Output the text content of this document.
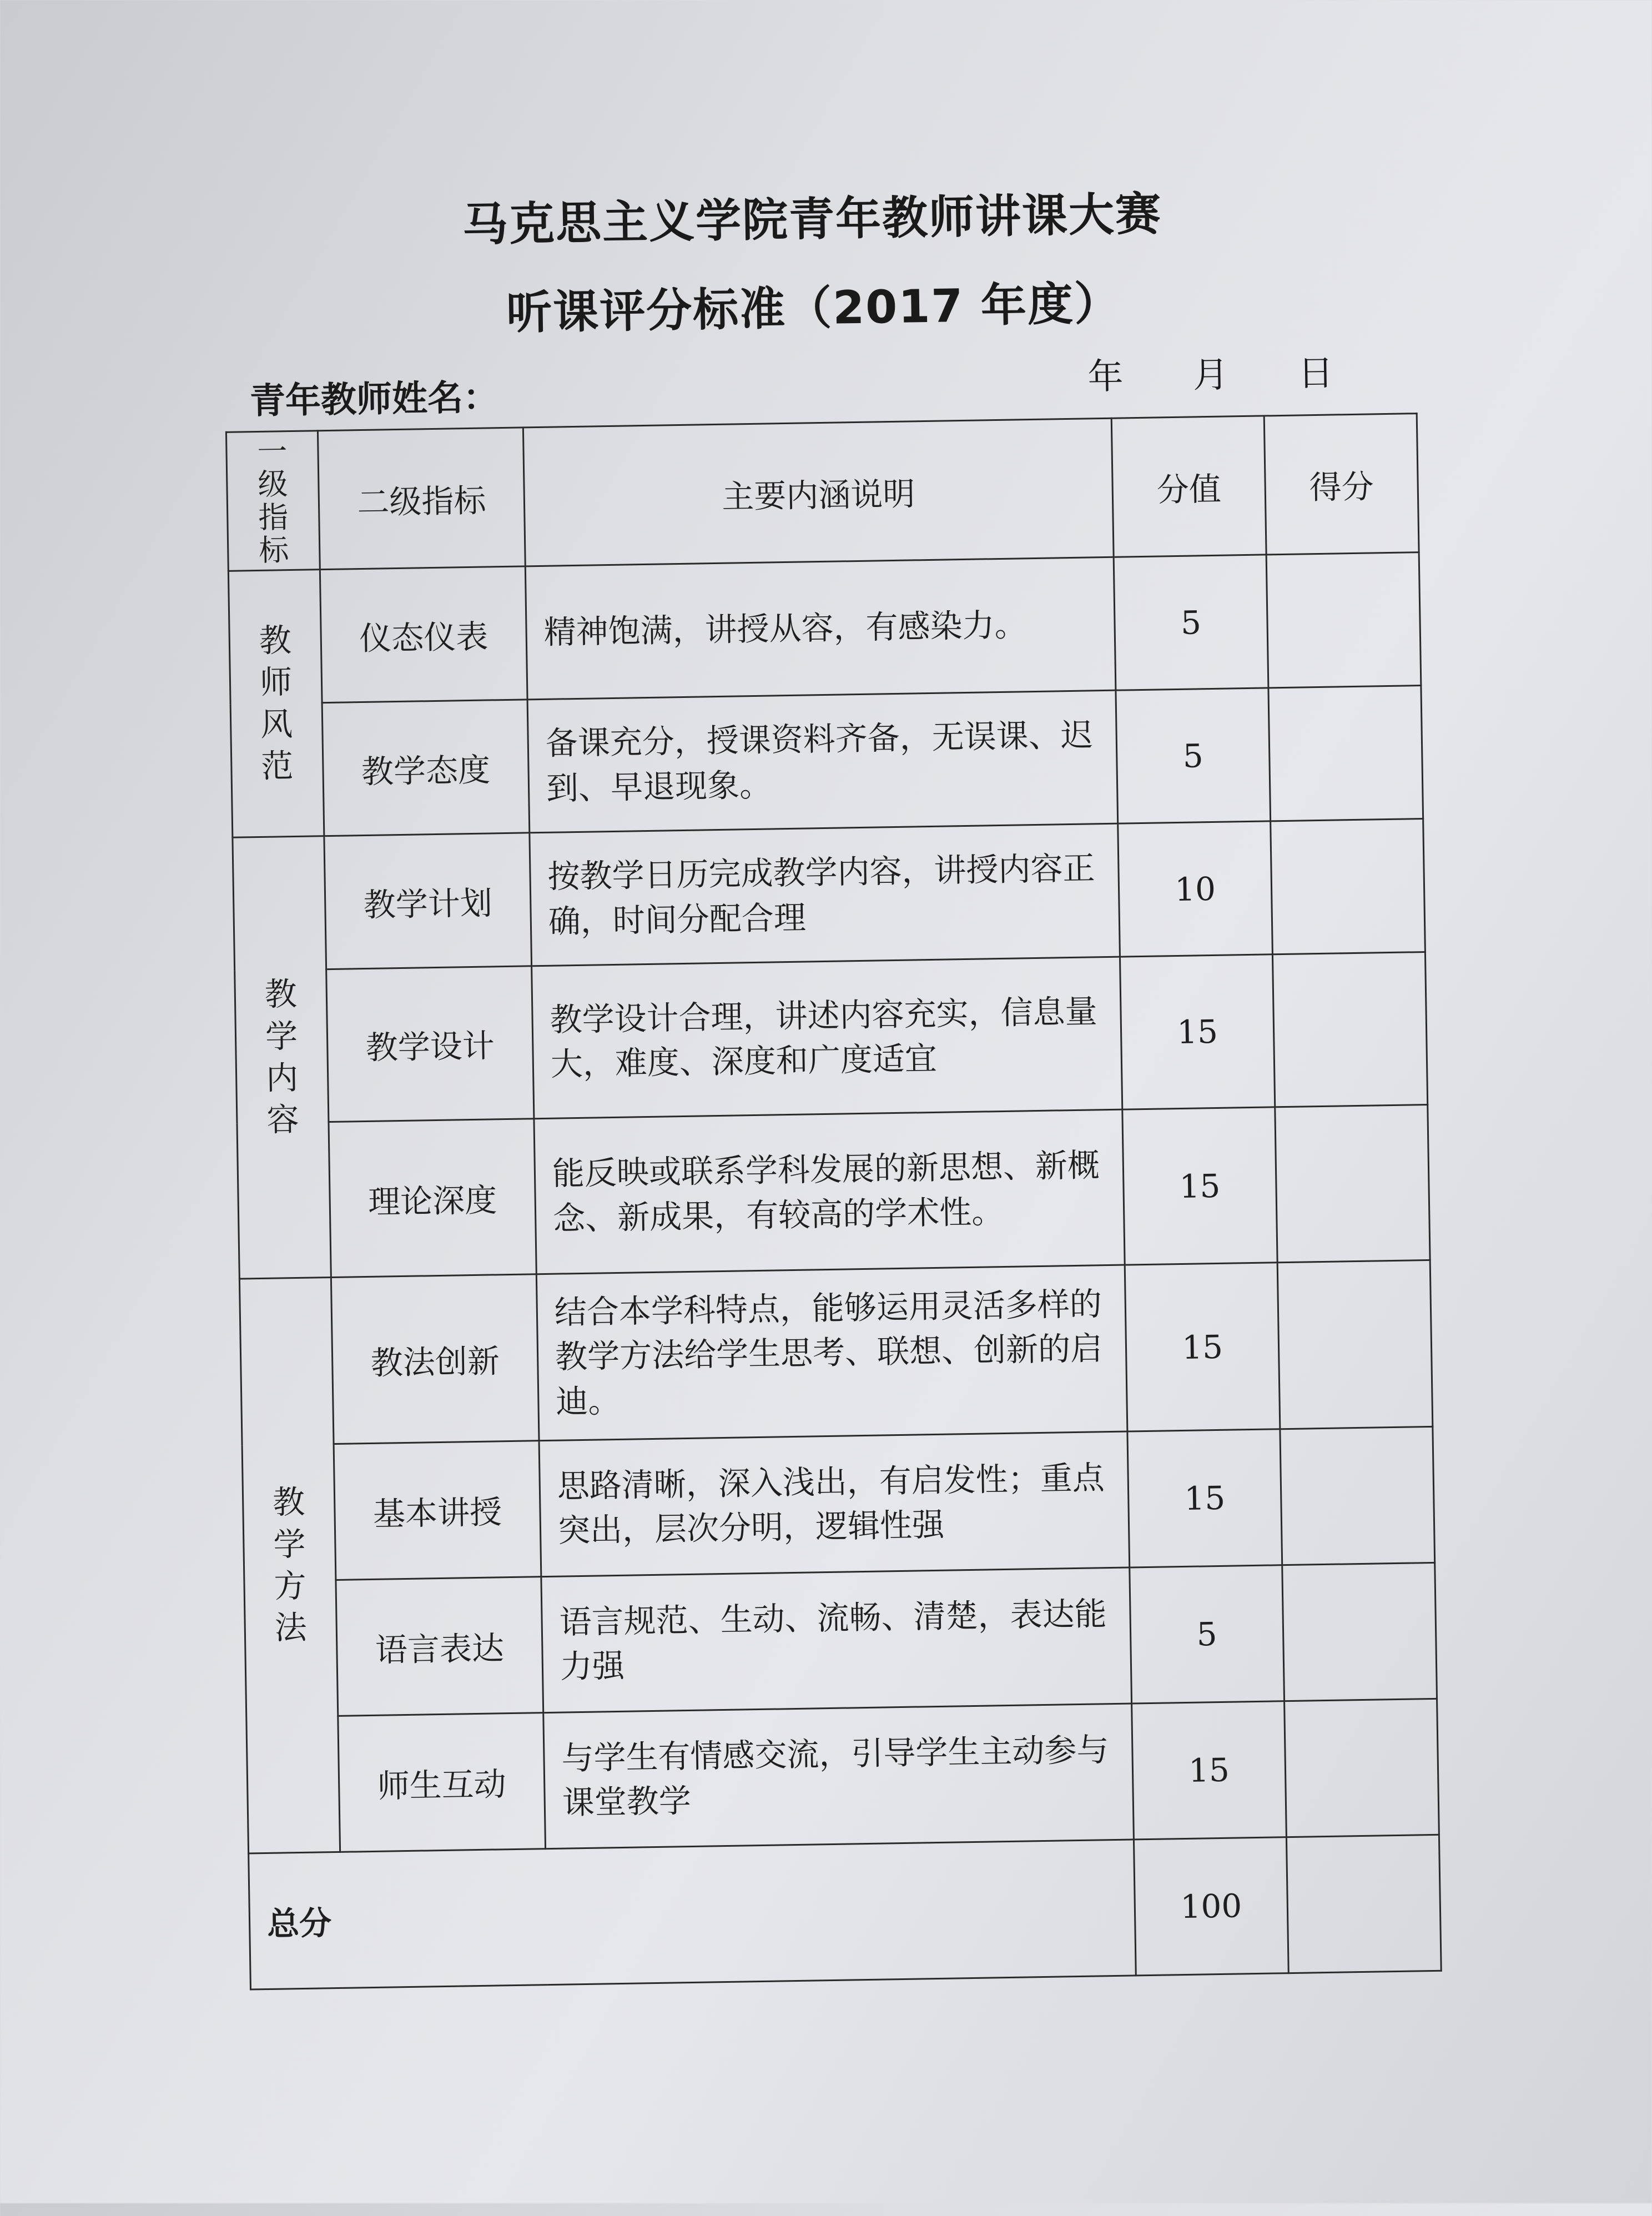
马克思主义学院青年教师讲课大赛
听课评分标准（2017 年度）
青年教师姓名：
年 月 日
一
级
指
标	二级指标	主要内涵说明	分值	得分

教
师
风
范	仪态仪表	精神饱满，讲授从容，有感染力。	5	
	教学态度	备课充分，授课资料齐备，无误课、迟到、早退现象。	5	

教
学
内
容	教学计划	按教学日历完成教学内容，讲授内容正确，时间分配合理	10	
	教学设计	教学设计合理，讲述内容充实，信息量大，难度、深度和广度适宜	15	
	理论深度	能反映或联系学科发展的新思想、新概念、新成果，有较高的学术性。	15	

教
学
方
法	教法创新	结合本学科特点，能够运用灵活多样的教学方法给学生思考、联想、创新的启迪。	15	
	基本讲授	思路清晰，深入浅出，有启发性；重点突出，层次分明，逻辑性强	15	
	语言表达	语言规范、生动、流畅、清楚，表达能力强	5	
	师生互动	与学生有情感交流，引导学生主动参与课堂教学	15	
总分			100	
